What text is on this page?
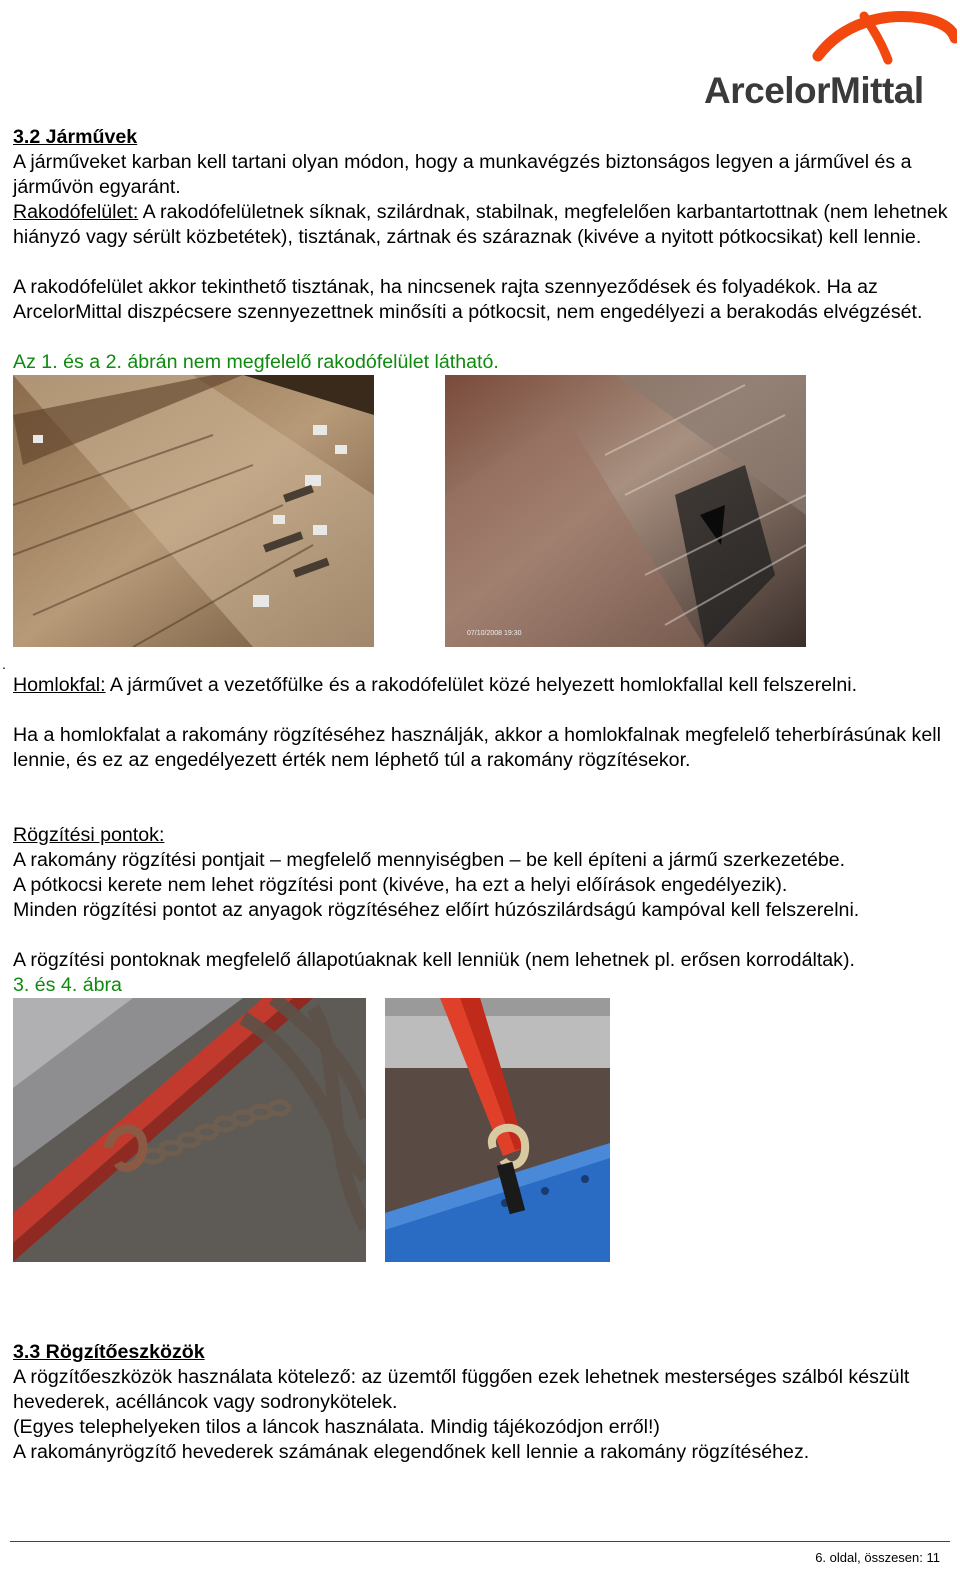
ArcelorMittal
3.2 Járművek
A járműveket karban kell tartani olyan módon, hogy a munkavégzés biztonságos legyen a járművel és a járművön egyaránt.
Rakodófelület: A rakodófelületnek síknak, szilárdnak, stabilnak, megfelelően karbantartottnak (nem lehetnek hiányzó vagy sérült közbetétek), tisztának, zártnak és száraznak (kivéve a nyitott pótkocsikat) kell lennie.
A rakodófelület akkor tekinthető tisztának, ha nincsenek rajta szennyeződések és folyadékok. Ha az ArcelorMittal diszpécsere szennyezettnek minősíti a pótkocsit, nem engedélyezi a berakodás elvégzését.
Az 1. és a 2. ábrán nem megfelelő rakodófelület látható.
07/10/2008 19:30
.
Homlokfal: A járművet a vezetőfülke és a rakodófelület közé helyezett homlokfallal kell felszerelni.
Ha a homlokfalat a rakomány rögzítéséhez használják, akkor a homlokfalnak megfelelő teherbírásúnak kell lennie, és ez az engedélyezett érték nem léphető túl a rakomány rögzítésekor.
Rögzítési pontok:
A rakomány rögzítési pontjait – megfelelő mennyiségben – be kell építeni a jármű szerkezetébe.
A pótkocsi kerete nem lehet rögzítési pont (kivéve, ha ezt a helyi előírások engedélyezik).
Minden rögzítési pontot az anyagok rögzítéséhez előírt húzószilárdságú kampóval kell felszerelni.
A rögzítési pontoknak megfelelő állapotúaknak kell lenniük (nem lehetnek pl. erősen korrodáltak).
3. és 4. ábra
3.3 Rögzítőeszközök
A rögzítőeszközök használata kötelező: az üzemtől függően ezek lehetnek mesterséges szálból készült hevederek, acélláncok vagy sodronykötelek.
(Egyes telephelyeken tilos a láncok használata. Mindig tájékozódjon erről!)
A rakományrögzítő hevederek számának elegendőnek kell lennie a rakomány rögzítéséhez.
6. oldal, összesen: 11
